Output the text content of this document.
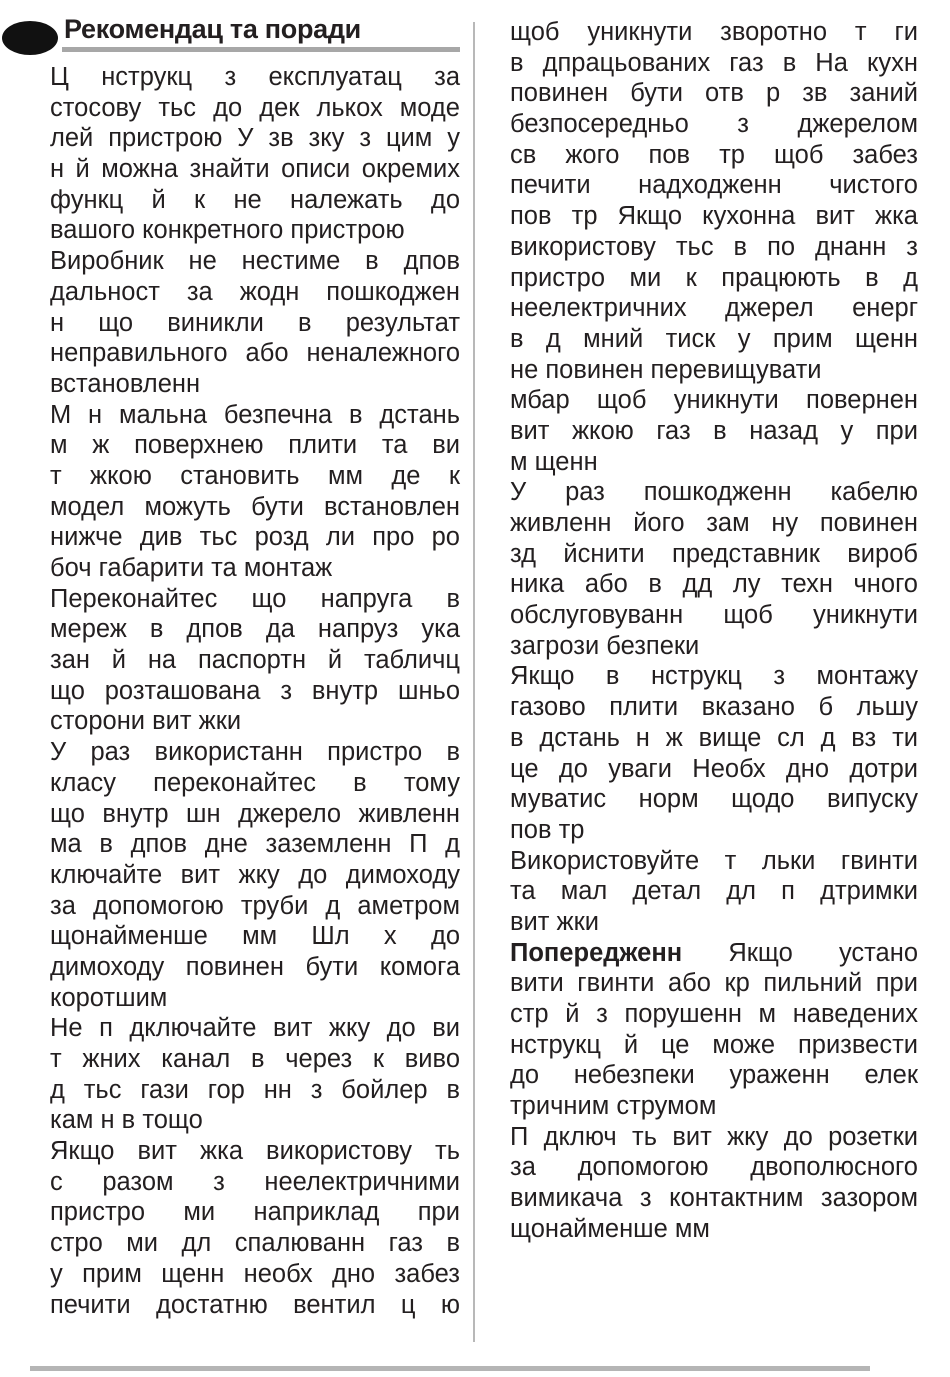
Рекомендац та поради
Ц нструкц з експлуатац за
стосову тьс до дек лькох моде
лей пристрою У зв зку з цим у
н й можна знайти описи окремих
функц й к не належать до
вашого конкретного пристрою
Виробник не нестиме в дпов
дальност за жодн пошкоджен
н що виникли в результат
неправильного або неналежного
встановленн
М н мальна безпечна в дстань
м ж поверхнею плити та ви
т жкою становить мм де к
модел можуть бути встановлен
нижче див тьс розд ли про ро
боч габарити та монтаж
Переконайтес що напруга в
мереж в дпов да напруз ука
зан й на паспортн й табличц
що розташована з внутр шньо
сторони вит жки
У раз використанн пристро в
класу переконайтес в тому
що внутр шн джерело живленн
ма в дпов дне заземленн П д
ключайте вит жку до димоходу
за допомогою труби д аметром
щонайменше мм Шл х до
димоходу повинен бути комога
коротшим
Не п дключайте вит жку до ви
т жних канал в через к виво
д тьс гази гор нн з бойлер в
кам н в тощо
Якщо вит жка використову ть
с разом з неелектричними
пристро ми наприклад при
стро ми дл спалюванн газ в
у прим щенн необх дно забез
печити достатню вентил ц ю
щоб уникнути зворотно т ги
в дпрацьованих газ в На кухн
повинен бути отв р зв заний
безпосередньо з джерелом
св жого пов тр щоб забез
печити надходженн чистого
пов тр Якщо кухонна вит жка
використову тьс в по днанн з
пристро ми к працюють в д
неелектричних джерел енерг
в д мний тиск у прим щенн
не повинен перевищувати
мбар щоб уникнути повернен
вит жкою газ в назад у при
м щенн
У раз пошкодженн кабелю
живленн його зам ну повинен
зд йснити представник вироб
ника або в дд лу техн чного
обслуговуванн щоб уникнути
загрози безпеки
Якщо в нструкц з монтажу
газово плити вказано б льшу
в дстань н ж вище сл д вз ти
це до уваги Необх дно дотри
муватис норм щодо випуску
пов тр
Використовуйте т льки гвинти
та мал детал дл п дтримки
вит жки
Попередженн Якщо устано
вити гвинти або кр пильний при
стр й з порушенн м наведених
нструкц й це може призвести
до небезпеки ураженн елек
тричним струмом
П дключ ть вит жку до розетки
за допомогою двополюсного
вимикача з контактним зазором
щонайменше мм
